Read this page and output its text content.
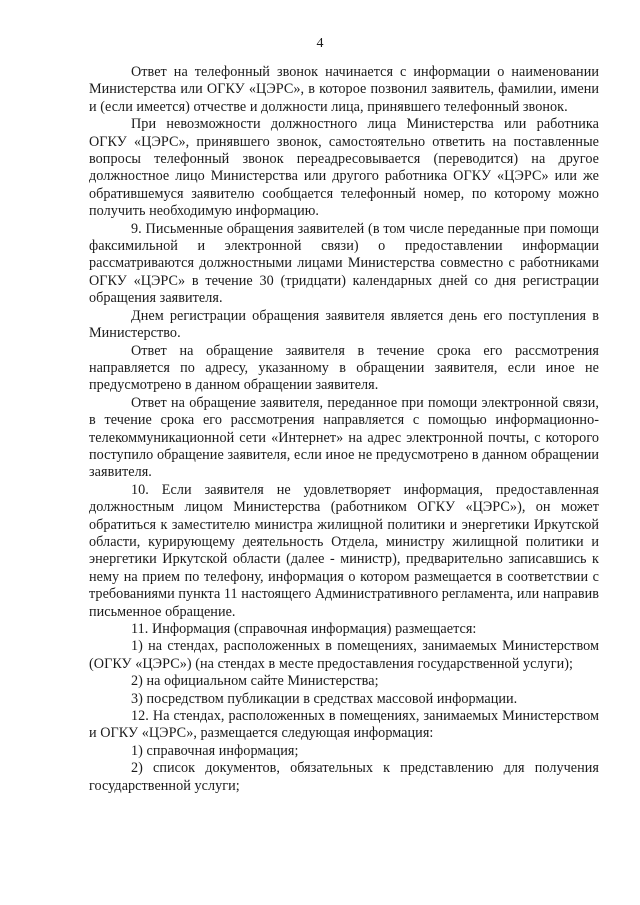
4

Ответ на телефонный звонок начинается с информации о наименовании Министерства или ОГКУ «ЦЭРС», в которое позвонил заявитель, фамилии, имени и (если имеется) отчестве и должности лица, принявшего телефонный звонок.

При невозможности должностного лица Министерства или работника ОГКУ «ЦЭРС», принявшего звонок, самостоятельно ответить на поставленные вопросы телефонный звонок переадресовывается (переводится) на другое должностное лицо Министерства или другого работника ОГКУ «ЦЭРС» или же обратившемуся заявителю сообщается телефонный номер, по которому можно получить необходимую информацию.

9. Письменные обращения заявителей (в том числе переданные при помощи факсимильной и электронной связи) о предоставлении информации рассматриваются должностными лицами Министерства совместно с работниками ОГКУ «ЦЭРС» в течение 30 (тридцати) календарных дней со дня регистрации обращения заявителя.

Днем регистрации обращения заявителя является день его поступления в Министерство.

Ответ на обращение заявителя в течение срока его рассмотрения направляется по адресу, указанному в обращении заявителя, если иное не предусмотрено в данном обращении заявителя.

Ответ на обращение заявителя, переданное при помощи электронной связи, в течение срока его рассмотрения направляется с помощью информационно-телекоммуникационной сети «Интернет» на адрес электронной почты, с которого поступило обращение заявителя, если иное не предусмотрено в данном обращении заявителя.

10. Если заявителя не удовлетворяет информация, предоставленная должностным лицом Министерства (работником ОГКУ «ЦЭРС»), он может обратиться к заместителю министра жилищной политики и энергетики Иркутской области, курирующему деятельность Отдела, министру жилищной политики и энергетики Иркутской области (далее - министр), предварительно записавшись к нему на прием по телефону, информация о котором размещается в соответствии с требованиями пункта 11 настоящего Административного регламента, или направив письменное обращение.

11. Информация (справочная информация) размещается:

1) на стендах, расположенных в помещениях, занимаемых Министерством (ОГКУ «ЦЭРС») (на стендах в месте предоставления государственной услуги);

2) на официальном сайте Министерства;

3) посредством публикации в средствах массовой информации.

12. На стендах, расположенных в помещениях, занимаемых Министерством и ОГКУ «ЦЭРС», размещается следующая информация:

1) справочная информация;

2) список документов, обязательных к представлению для получения государственной услуги;
